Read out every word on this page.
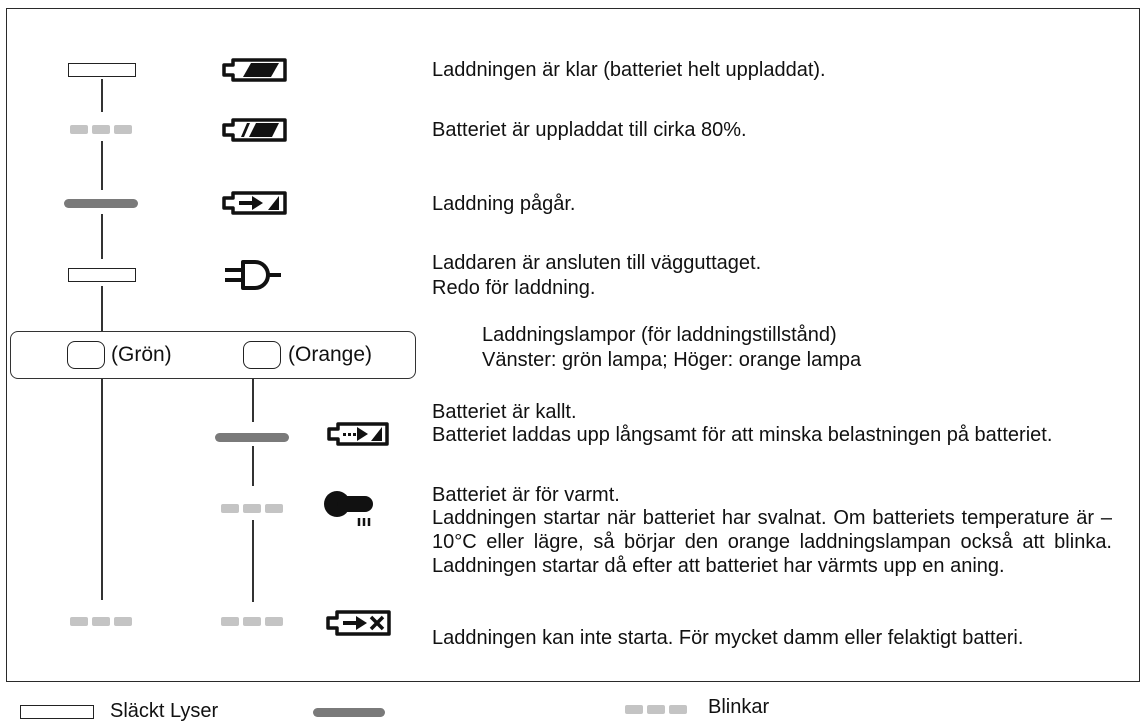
Laddningen är klar (batteriet helt uppladdat).
Batteriet är uppladdat till cirka 80%.
Laddning pågår.
Laddaren är ansluten till vägguttaget.
Redo för laddning.
(Grön)	(Orange)
Laddningslampor (för laddningstillstånd)
Vänster: grön lampa; Höger: orange lampa
Batteriet är kallt.
Batteriet laddas upp långsamt för att minska belastningen på batteriet.
Batteriet är för varmt.
Laddningen startar när batteriet har svalnat. Om batteriets temperature är –10°C eller lägre, så börjar den orange laddningslampan också att blinka. Laddningen startar då efter att batteriet har värmts upp en aning.
Laddningen kan inte starta. För mycket damm eller felaktigt batteri.
Släckt Lyser	Blinkar
